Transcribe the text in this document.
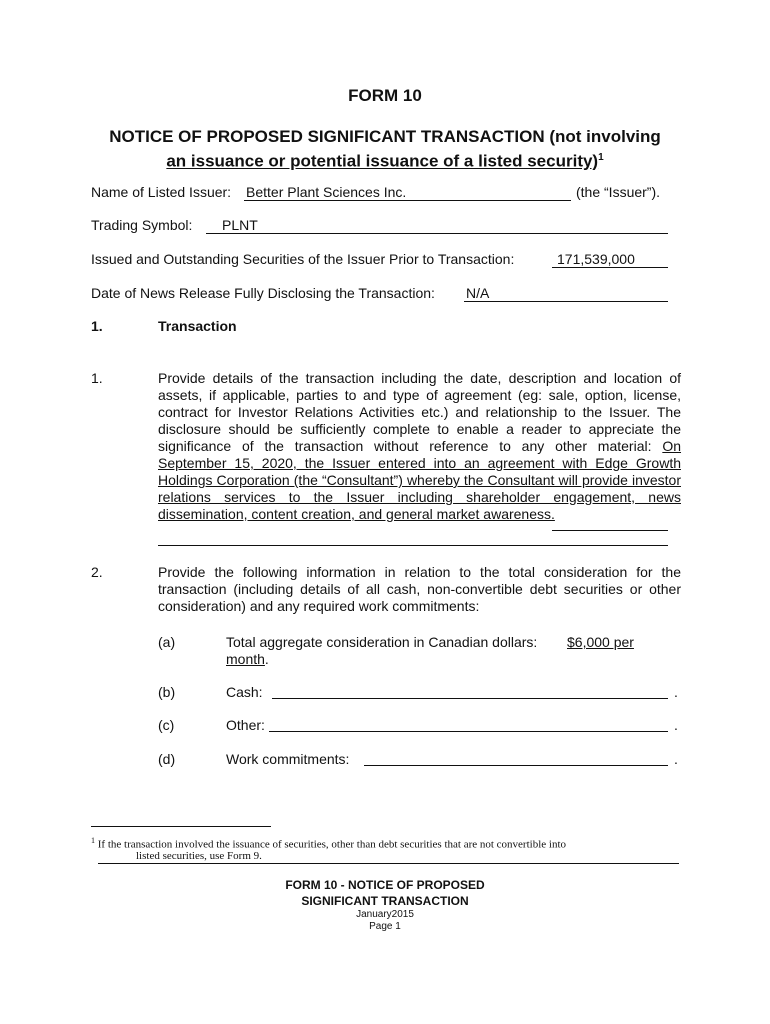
FORM 10
NOTICE OF PROPOSED SIGNIFICANT TRANSACTION (not involving
an issuance or potential issuance of a listed security)$^1$
Name of Listed Issuer: Better Plant Sciences Inc.	(the “Issuer”).
Trading Symbol: PLNT
Issued and Outstanding Securities of the Issuer Prior to Transaction:	171,539,000
Date of News Release Fully Disclosing the Transaction: N/A
1.	Transaction
1.	Provide details of the transaction including the date, description and location of assets, if applicable, parties to and type of agreement (eg: sale, option, license, contract for Investor Relations Activities etc.) and relationship to the Issuer. The disclosure should be sufficiently complete to enable a reader to appreciate the significance of the transaction without reference to any other material: On September 15, 2020, the Issuer entered into an agreement with Edge Growth Holdings Corporation (the “Consultant”) whereby the Consultant will provide investor relations services to the Issuer including shareholder engagement, news dissemination, content creation, and general market awareness.
2.	Provide the following information in relation to the total consideration for the transaction (including details of all cash, non-convertible debt securities or other consideration) and any required work commitments:
(a)	Total aggregate consideration in Canadian dollars: $6,000 per
month.
(b)	Cash:	.
(c)	Other:	.
(d)	Work commitments:	.
$^1$ If the transaction involved the issuance of securities, other than debt securities that are not convertible into
listed securities, use Form 9.
FORM 10 - NOTICE OF PROPOSED
SIGNIFICANT TRANSACTION
January2015
Page 1
